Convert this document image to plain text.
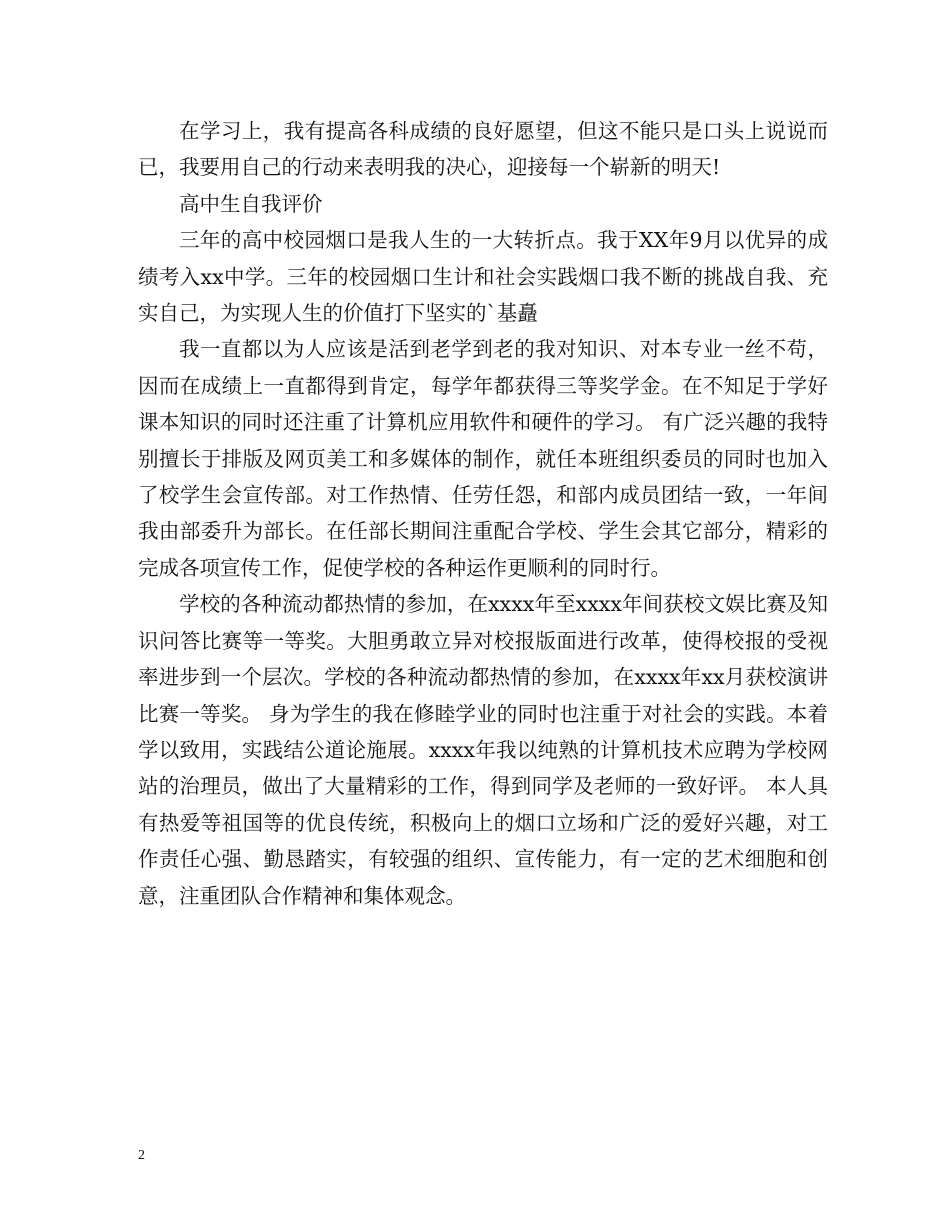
在学习上，我有提高各科成绩的良好愿望，但这不能只是口头上说说而已，我要用自己的行动来表明我的决心，迎接每一个崭新的明天!

高中生自我评价

三年的高中校园烟口是我人生的一大转折点。我于XX年9月以优异的成绩考入xx中学。三年的校园烟口生计和社会实践烟口我不断的挑战自我、充实自己，为实现人生的价值打下坚实的`基矗

我一直都以为人应该是活到老学到老的我对知识、对本专业一丝不苟，因而在成绩上一直都得到肯定，每学年都获得三等奖学金。在不知足于学好课本知识的同时还注重了计算机应用软件和硬件的学习。 有广泛兴趣的我特别擅长于排版及网页美工和多媒体的制作，就任本班组织委员的同时也加入了校学生会宣传部。对工作热情、任劳任怨，和部内成员团结一致，一年间我由部委升为部长。在任部长期间注重配合学校、学生会其它部分，精彩的完成各项宣传工作，促使学校的各种运作更顺利的同时行。

学校的各种流动都热情的参加，在xxxx年至xxxx年间获校文娱比赛及知识问答比赛等一等奖。大胆勇敢立异对校报版面进行改革，使得校报的受视率进步到一个层次。学校的各种流动都热情的参加，在xxxx年xx月获校演讲比赛一等奖。 身为学生的我在修睦学业的同时也注重于对社会的实践。本着学以致用，实践结公道论施展。xxxx年我以纯熟的计算机技术应聘为学校网站的治理员，做出了大量精彩的工作，得到同学及老师的一致好评。 本人具有热爱等祖国等的优良传统，积极向上的烟口立场和广泛的爱好兴趣，对工作责任心强、勤恳踏实，有较强的组织、宣传能力，有一定的艺术细胞和创意，注重团队合作精神和集体观念。

2
